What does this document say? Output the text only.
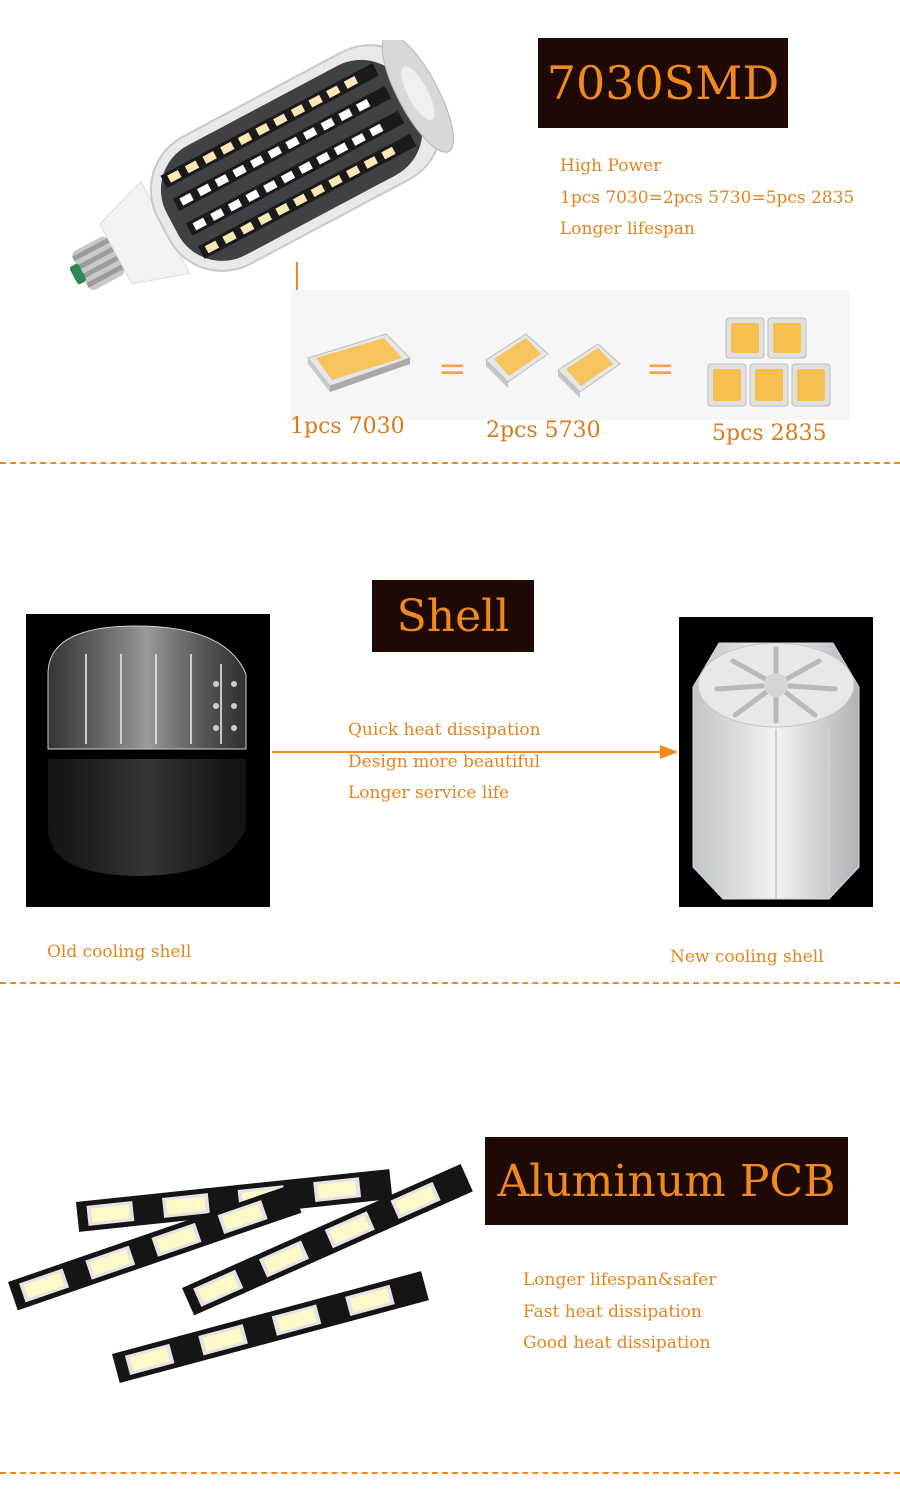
7030SMD
High Power
1pcs 7030=2pcs 5730=5pcs 2835
Longer lifespan
=	=
1pcs 7030	2pcs 5730	5pcs 2835
Shell
Quick heat dissipation
Design more beautiful
Longer service life
Old cooling shell	New cooling shell
Aluminum PCB
Longer lifespan&safer
Fast heat dissipation
Good heat dissipation
